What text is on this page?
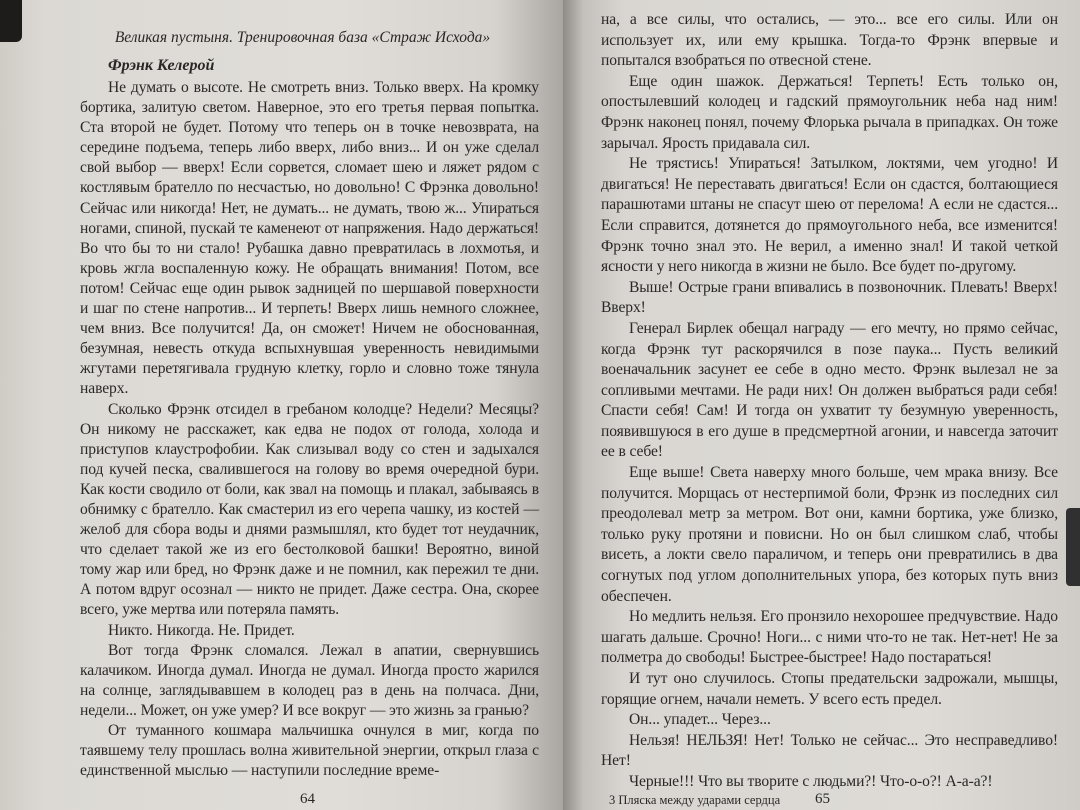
Великая пустыня. Тренировочная база «Страж Исхода»
Фрэнк Келерой

Не думать о высоте. Не смотреть вниз. Только вверх. На кромку бортика, залитую светом. Наверное, это его третья первая попытка. Ста второй не будет. Потому что теперь он в точке невозврата, на середине подъема, теперь либо вверх, либо вниз... И он уже сделал свой выбор — вверх! Если сорвется, сломает шею и ляжет рядом с костлявым брателло по несчастью, но довольно! С Фрэнка довольно! Сейчас или никогда! Нет, не думать... не думать, твою ж... Упираться ногами, спиной, пускай те каменеют от напряжения. Надо держаться! Во что бы то ни стало! Рубашка давно превратилась в лохмотья, и кровь жгла воспаленную кожу. Не обращать внимания! Потом, все потом! Сейчас еще один рывок задницей по шершавой поверхности и шаг по стене напротив... И терпеть! Вверх лишь немного сложнее, чем вниз. Все получится! Да, он сможет! Ничем не обоснованная, безумная, невесть откуда вспыхнувшая уверенность невидимыми жгутами перетягивала грудную клетку, горло и словно тоже тянула наверх.

Сколько Фрэнк отсидел в гребаном колодце? Недели? Месяцы? Он никому не расскажет, как едва не подох от голода, холода и приступов клаустрофобии. Как слизывал воду со стен и задыхался под кучей песка, свалившегося на голову во время очередной бури. Как кости сводило от боли, как звал на помощь и плакал, забываясь в обнимку с брателло. Как смастерил из его черепа чашку, из костей — желоб для сбора воды и днями размышлял, кто будет тот неудачник, что сделает такой же из его бестолковой башки! Вероятно, виной тому жар или бред, но Фрэнк даже и не помнил, как пережил те дни. А потом вдруг осознал — никто не придет. Даже сестра. Она, скорее всего, уже мертва или потеряла память.

Никто. Никогда. Не. Придет.

Вот тогда Фрэнк сломался. Лежал в апатии, свернувшись калачиком. Иногда думал. Иногда не думал. Иногда просто жарился на солнце, заглядывавшем в колодец раз в день на полчаса. Дни, недели... Может, он уже умер? И все вокруг — это жизнь за гранью?

От туманного кошмара мальчишка очнулся в миг, когда по таявшему телу прошлась волна живительной энергии, открыл глаза с единственной мыслью — наступили последние време-

64

на, а все силы, что остались, — это... все его силы. Или он использует их, или ему крышка. Тогда-то Фрэнк впервые и попытался взобраться по отвесной стене.

Еще один шажок. Держаться! Терпеть! Есть только он, опостылевший колодец и гадский прямоугольник неба над ним! Фрэнк наконец понял, почему Флорька рычала в припадках. Он тоже зарычал. Ярость придавала сил.

Не трястись! Упираться! Затылком, локтями, чем угодно! И двигаться! Не переставать двигаться! Если он сдастся, болтающиеся парашютами штаны не спасут шею от перелома! А если не сдастся... Если справится, дотянется до прямоугольного неба, все изменится! Фрэнк точно знал это. Не верил, а именно знал! И такой четкой ясности у него никогда в жизни не было. Все будет по-другому.

Выше! Острые грани впивались в позвоночник. Плевать! Вверх! Вверх!

Генерал Бирлек обещал награду — его мечту, но прямо сейчас, когда Фрэнк тут раскорячился в позе паука... Пусть великий военачальник засунет ее себе в одно место. Фрэнк вылезал не за сопливыми мечтами. Не ради них! Он должен выбраться ради себя! Спасти себя! Сам! И тогда он ухватит ту безумную уверенность, появившуюся в его душе в предсмертной агонии, и навсегда заточит ее в себе!

Еще выше! Света наверху много больше, чем мрака внизу. Все получится. Морщась от нестерпимой боли, Фрэнк из последних сил преодолевал метр за метром. Вот они, камни бортика, уже близко, только руку протяни и повисни. Но он был слишком слаб, чтобы висеть, а локти свело параличом, и теперь они превратились в два согнутых под углом дополнительных упора, без которых путь вниз обеспечен.

Но медлить нельзя. Его пронзило нехорошее предчувствие. Надо шагать дальше. Срочно! Ноги... с ними что-то не так. Нет-нет! Не за полметра до свободы! Быстрее-быстрее! Надо постараться!

И тут оно случилось. Стопы предательски задрожали, мышцы, горящие огнем, начали неметь. У всего есть предел.

Он... упадет... Через...

Нельзя! НЕЛЬЗЯ! Нет! Только не сейчас... Это несправедливо! Нет!

Черные!!! Что вы творите с людьми?! Что-о-о?! А-а-а?!

3 Пляска между ударами сердца 65
